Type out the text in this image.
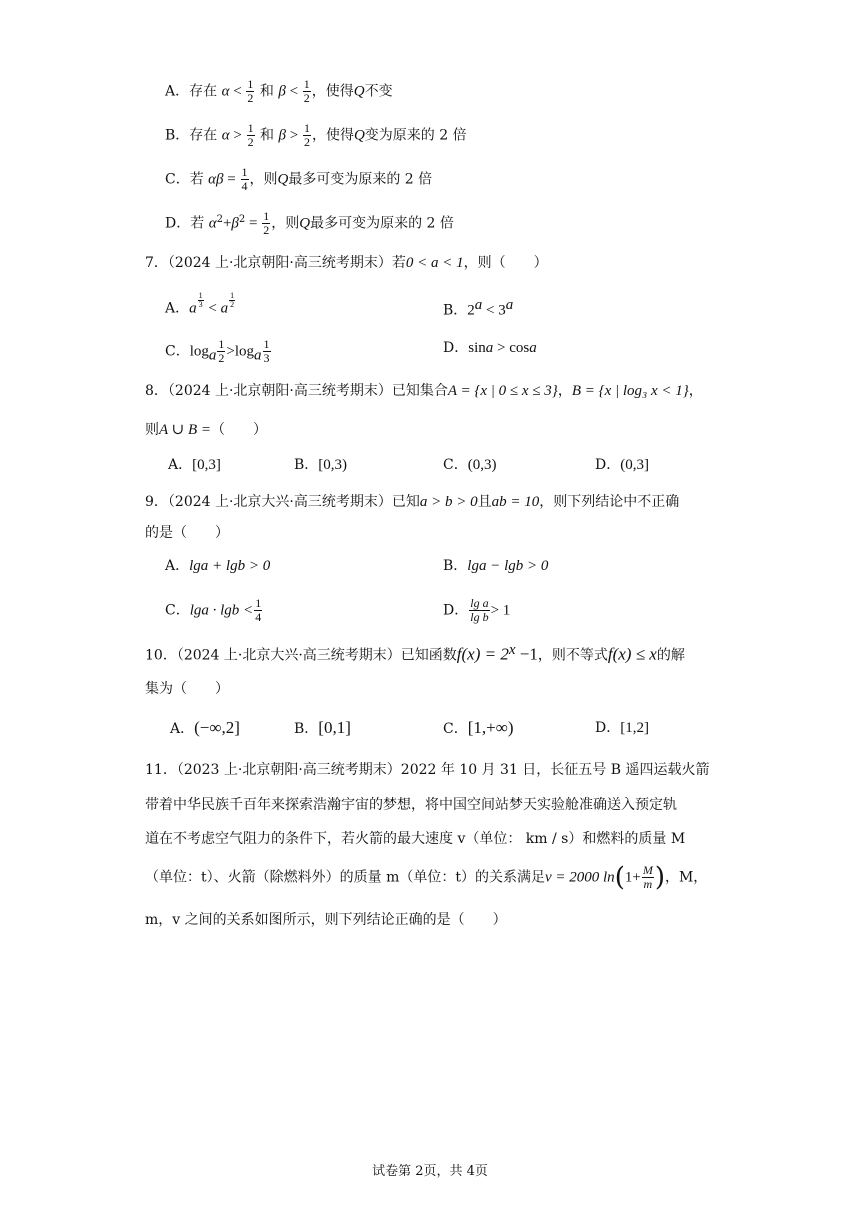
A．存在 $\alpha < \frac{1}{2}$ 和 $\beta < \frac{1}{2}$ ，使得Q不变
B．存在 $\alpha > \frac{1}{2}$ 和 $\beta > \frac{1}{2}$ ，使得Q变为原来的 2 倍
C．若 $\alpha\beta = \frac{1}{4}$ ，则Q最多可变为原来的 2 倍
D．若 $\alpha^2+\beta^2 = \frac{1}{2}$ ，则Q最多可变为原来的 2 倍
7．（2024 上·北京朝阳·高三统考期末）若0 < a < 1，则（　　）
A．a $^{\frac{1}{3}}$ < a $^{\frac{1}{2}}$
B．$2^a < 3^a$
C．$\log_a \frac{1}{2} >\log_a \frac{1}{3}$	D．sina > cosa
8．（2024 上·北京朝阳·高三统考期末）已知集合A = {x | 0 ≤ x ≤ 3}，B = {x | log₃ x < 1}，
则A ∪ B =（　　）
A．[0,3]	B．[0,3)	C．(0,3)	D．(0,3]
9．（2024 上·北京大兴·高三统考期末）已知a > b > 0且ab = 10，则下列结论中不正确
的是（　　）
A．lga + lgb > 0	B．lga − lgb > 0
C．$\lg a \cdot \lg b < \frac{1}{4}$	D． $\frac{\text{lg a}}{\text{lg b}} > 1$
10．（2024 上·北京大兴·高三统考期末）已知函数$f(x) = 2^x -1$，则不等式f(x) ≤ x的解
集为（　　）
A．(−∞,2]	B．[0,1]	C．[1,+∞)	D．[1,2]
11．（2023 上·北京朝阳·高三统考期末）2022 年 10 月 31 日，长征五号 B 遥四运载火箭
带着中华民族千百年来探索浩瀚宇宙的梦想，将中国空间站梦天实验舱准确送入预定轨
道在不考虑空气阻力的条件下，若火箭的最大速度 v（单位： km / s）和燃料的质量 M
（单位：t）、火箭（除燃料外）的质量 m（单位：t）的关系满足v = 2000 $\ln(1+ \frac{M}{m}$ )，M，
m，v 之间的关系如图所示，则下列结论正确的是（　　）
试卷第 2页，共 4页
